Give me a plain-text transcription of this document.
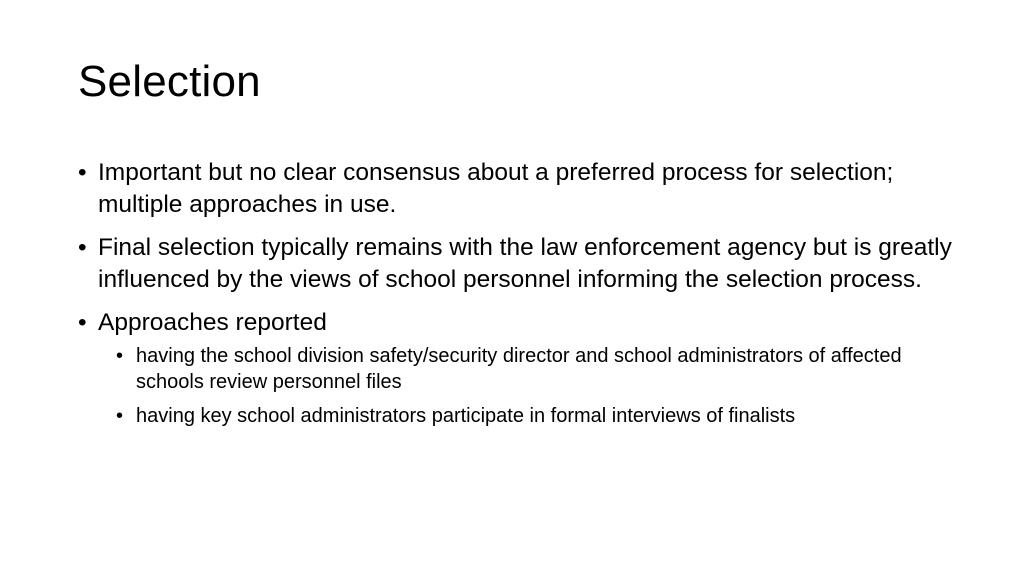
Selection
• Important but no clear consensus about a preferred process for selection; multiple approaches in use.
• Final selection typically remains with the law enforcement agency but is greatly influenced by the views of school personnel informing the selection process.
• Approaches reported
• having the school division safety/security director and school administrators of affected schools review personnel files
• having key school administrators participate in formal interviews of finalists
